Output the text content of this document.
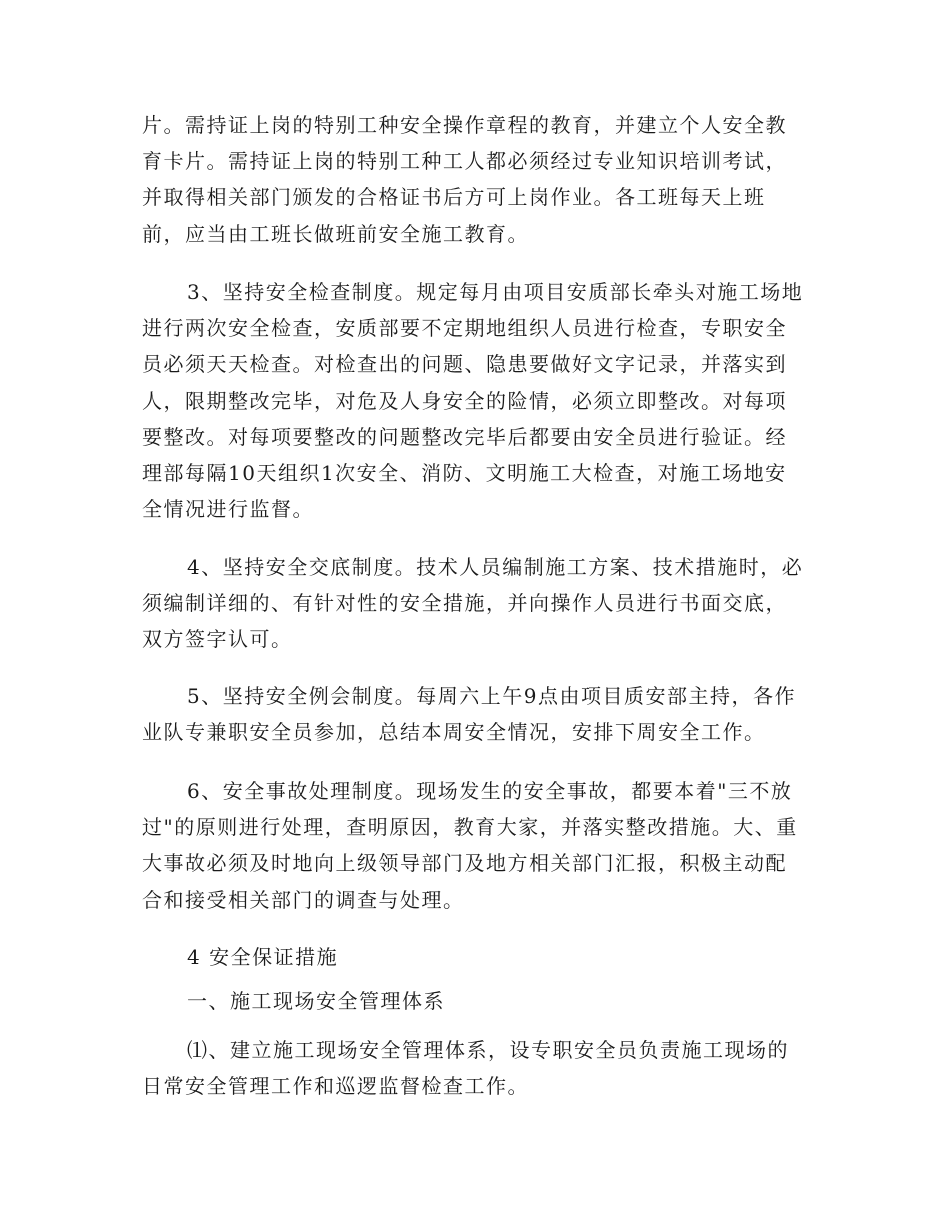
片。需持证上岗的特别工种安全操作章程的教育，并建立个人安全教
育卡片。需持证上岗的特别工种工人都必须经过专业知识培训考试，
并取得相关部门颁发的合格证书后方可上岗作业。各工班每天上班
前，应当由工班长做班前安全施工教育。

3、坚持安全检查制度。规定每月由项目安质部长牵头对施工场地
进行两次安全检查，安质部要不定期地组织人员进行检查，专职安全
员必须天天检查。对检查出的问题、隐患要做好文字记录，并落实到
人，限期整改完毕，对危及人身安全的险情，必须立即整改。对每项
要整改。对每项要整改的问题整改完毕后都要由安全员进行验证。经
理部每隔10天组织1次安全、消防、文明施工大检查，对施工场地安
全情况进行监督。

4、坚持安全交底制度。技术人员编制施工方案、技术措施时，必
须编制详细的、有针对性的安全措施，并向操作人员进行书面交底，
双方签字认可。

5、坚持安全例会制度。每周六上午9点由项目质安部主持，各作
业队专兼职安全员参加，总结本周安全情况，安排下周安全工作。

6、安全事故处理制度。现场发生的安全事故，都要本着"三不放
过"的原则进行处理，查明原因，教育大家，并落实整改措施。大、重
大事故必须及时地向上级领导部门及地方相关部门汇报，积极主动配
合和接受相关部门的调查与处理。

4 安全保证措施

一、施工现场安全管理体系

⑴、建立施工现场安全管理体系，设专职安全员负责施工现场的
日常安全管理工作和巡逻监督检查工作。
